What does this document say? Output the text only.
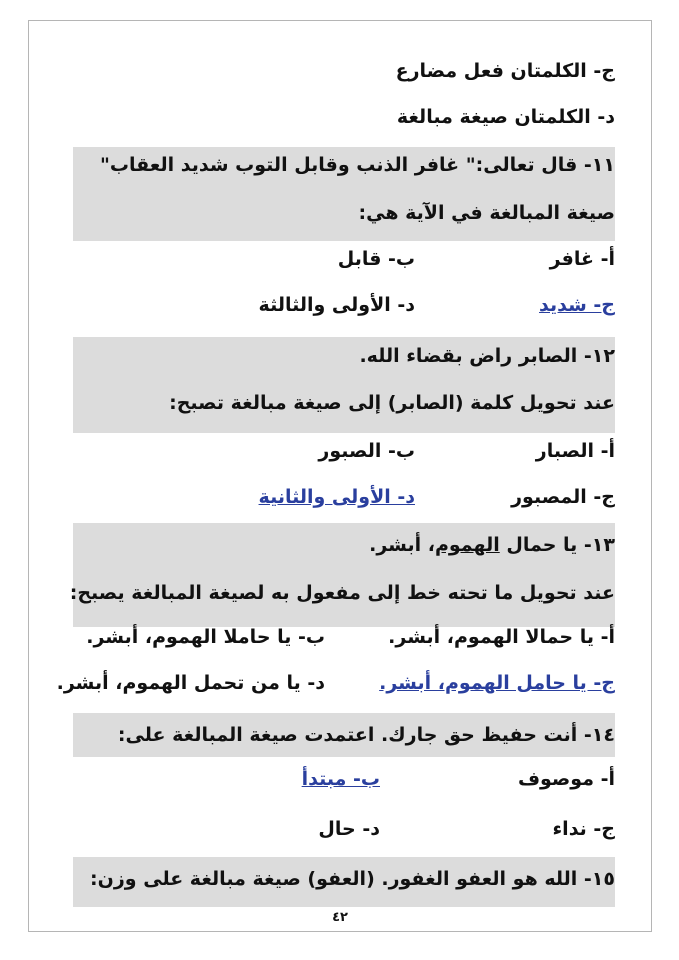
ج- الكلمتان فعل مضارع
د- الكلمتان صيغة مبالغة
١١- قال تعالى:" غافر الذنب وقابل التوب شديد العقاب"
صيغة المبالغة في الآية هي:
أ- غافر
ب- قابل
ج- شديد
د- الأولى والثالثة
١٢- الصابر راض بقضاء الله.
عند تحويل كلمة (الصابر) إلى صيغة مبالغة تصبح:
أ- الصبار
ب- الصبور
ج- المصبور
د- الأولى والثانية
١٣- يا حمال الهموم، أبشر.
عند تحويل ما تحته خط إلى مفعول به لصيغة المبالغة يصبح:
أ- يا حمالا الهموم، أبشر.
ب- يا حاملا الهموم، أبشر.
ج- يا حامل الهموم، أبشر.
د- يا من تحمل الهموم، أبشر.
١٤- أنت حفيظ حق جارك. اعتمدت صيغة المبالغة على:
أ- موصوف
ب- مبتدأ
ج- نداء
د- حال
١٥- الله هو العفو الغفور. (العفو) صيغة مبالغة على وزن:
٤٢
